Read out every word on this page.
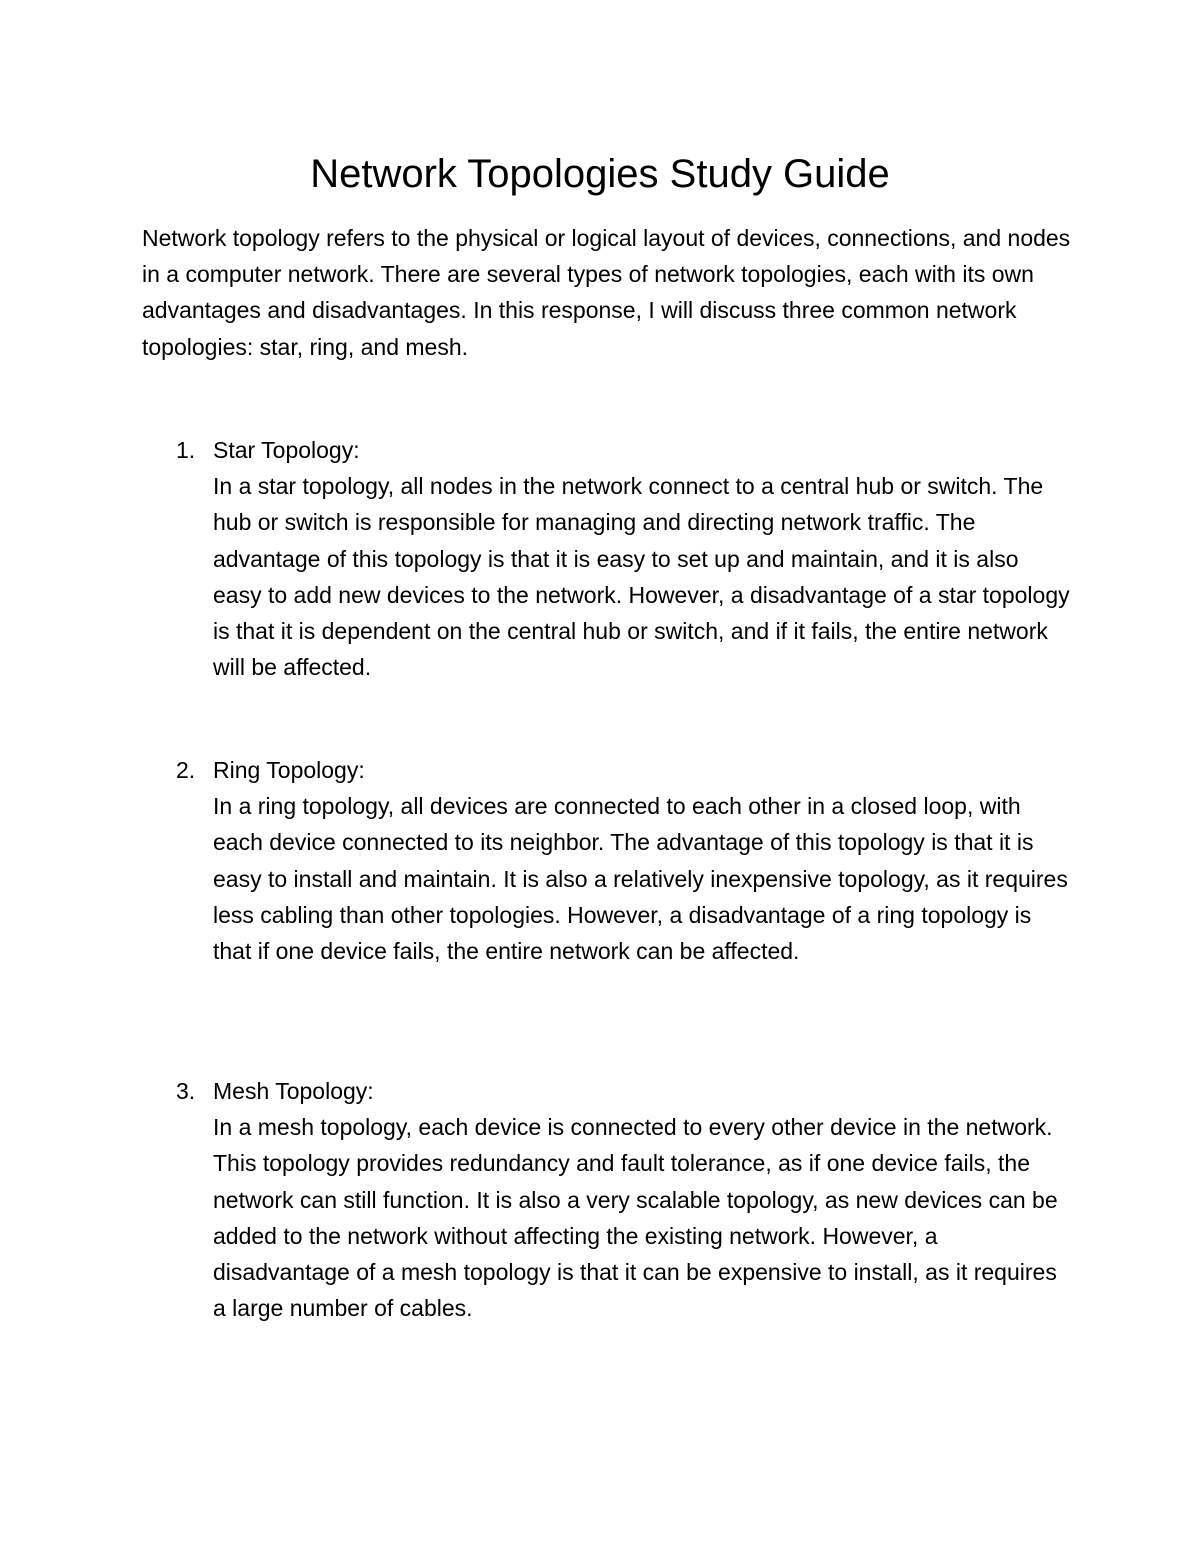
Network Topologies Study Guide

Network topology refers to the physical or logical layout of devices, connections, and nodes in a computer network. There are several types of network topologies, each with its own advantages and disadvantages. In this response, I will discuss three common network topologies: star, ring, and mesh.

1. Star Topology:

In a star topology, all nodes in the network connect to a central hub or switch. The hub or switch is responsible for managing and directing network traffic. The advantage of this topology is that it is easy to set up and maintain, and it is also easy to add new devices to the network. However, a disadvantage of a star topology is that it is dependent on the central hub or switch, and if it fails, the entire network will be affected.

2. Ring Topology:

In a ring topology, all devices are connected to each other in a closed loop, with each device connected to its neighbor. The advantage of this topology is that it is easy to install and maintain. It is also a relatively inexpensive topology, as it requires less cabling than other topologies. However, a disadvantage of a ring topology is that if one device fails, the entire network can be affected.

3. Mesh Topology:

In a mesh topology, each device is connected to every other device in the network. This topology provides redundancy and fault tolerance, as if one device fails, the network can still function. It is also a very scalable topology, as new devices can be added to the network without affecting the existing network. However, a disadvantage of a mesh topology is that it can be expensive to install, as it requires a large number of cables.
